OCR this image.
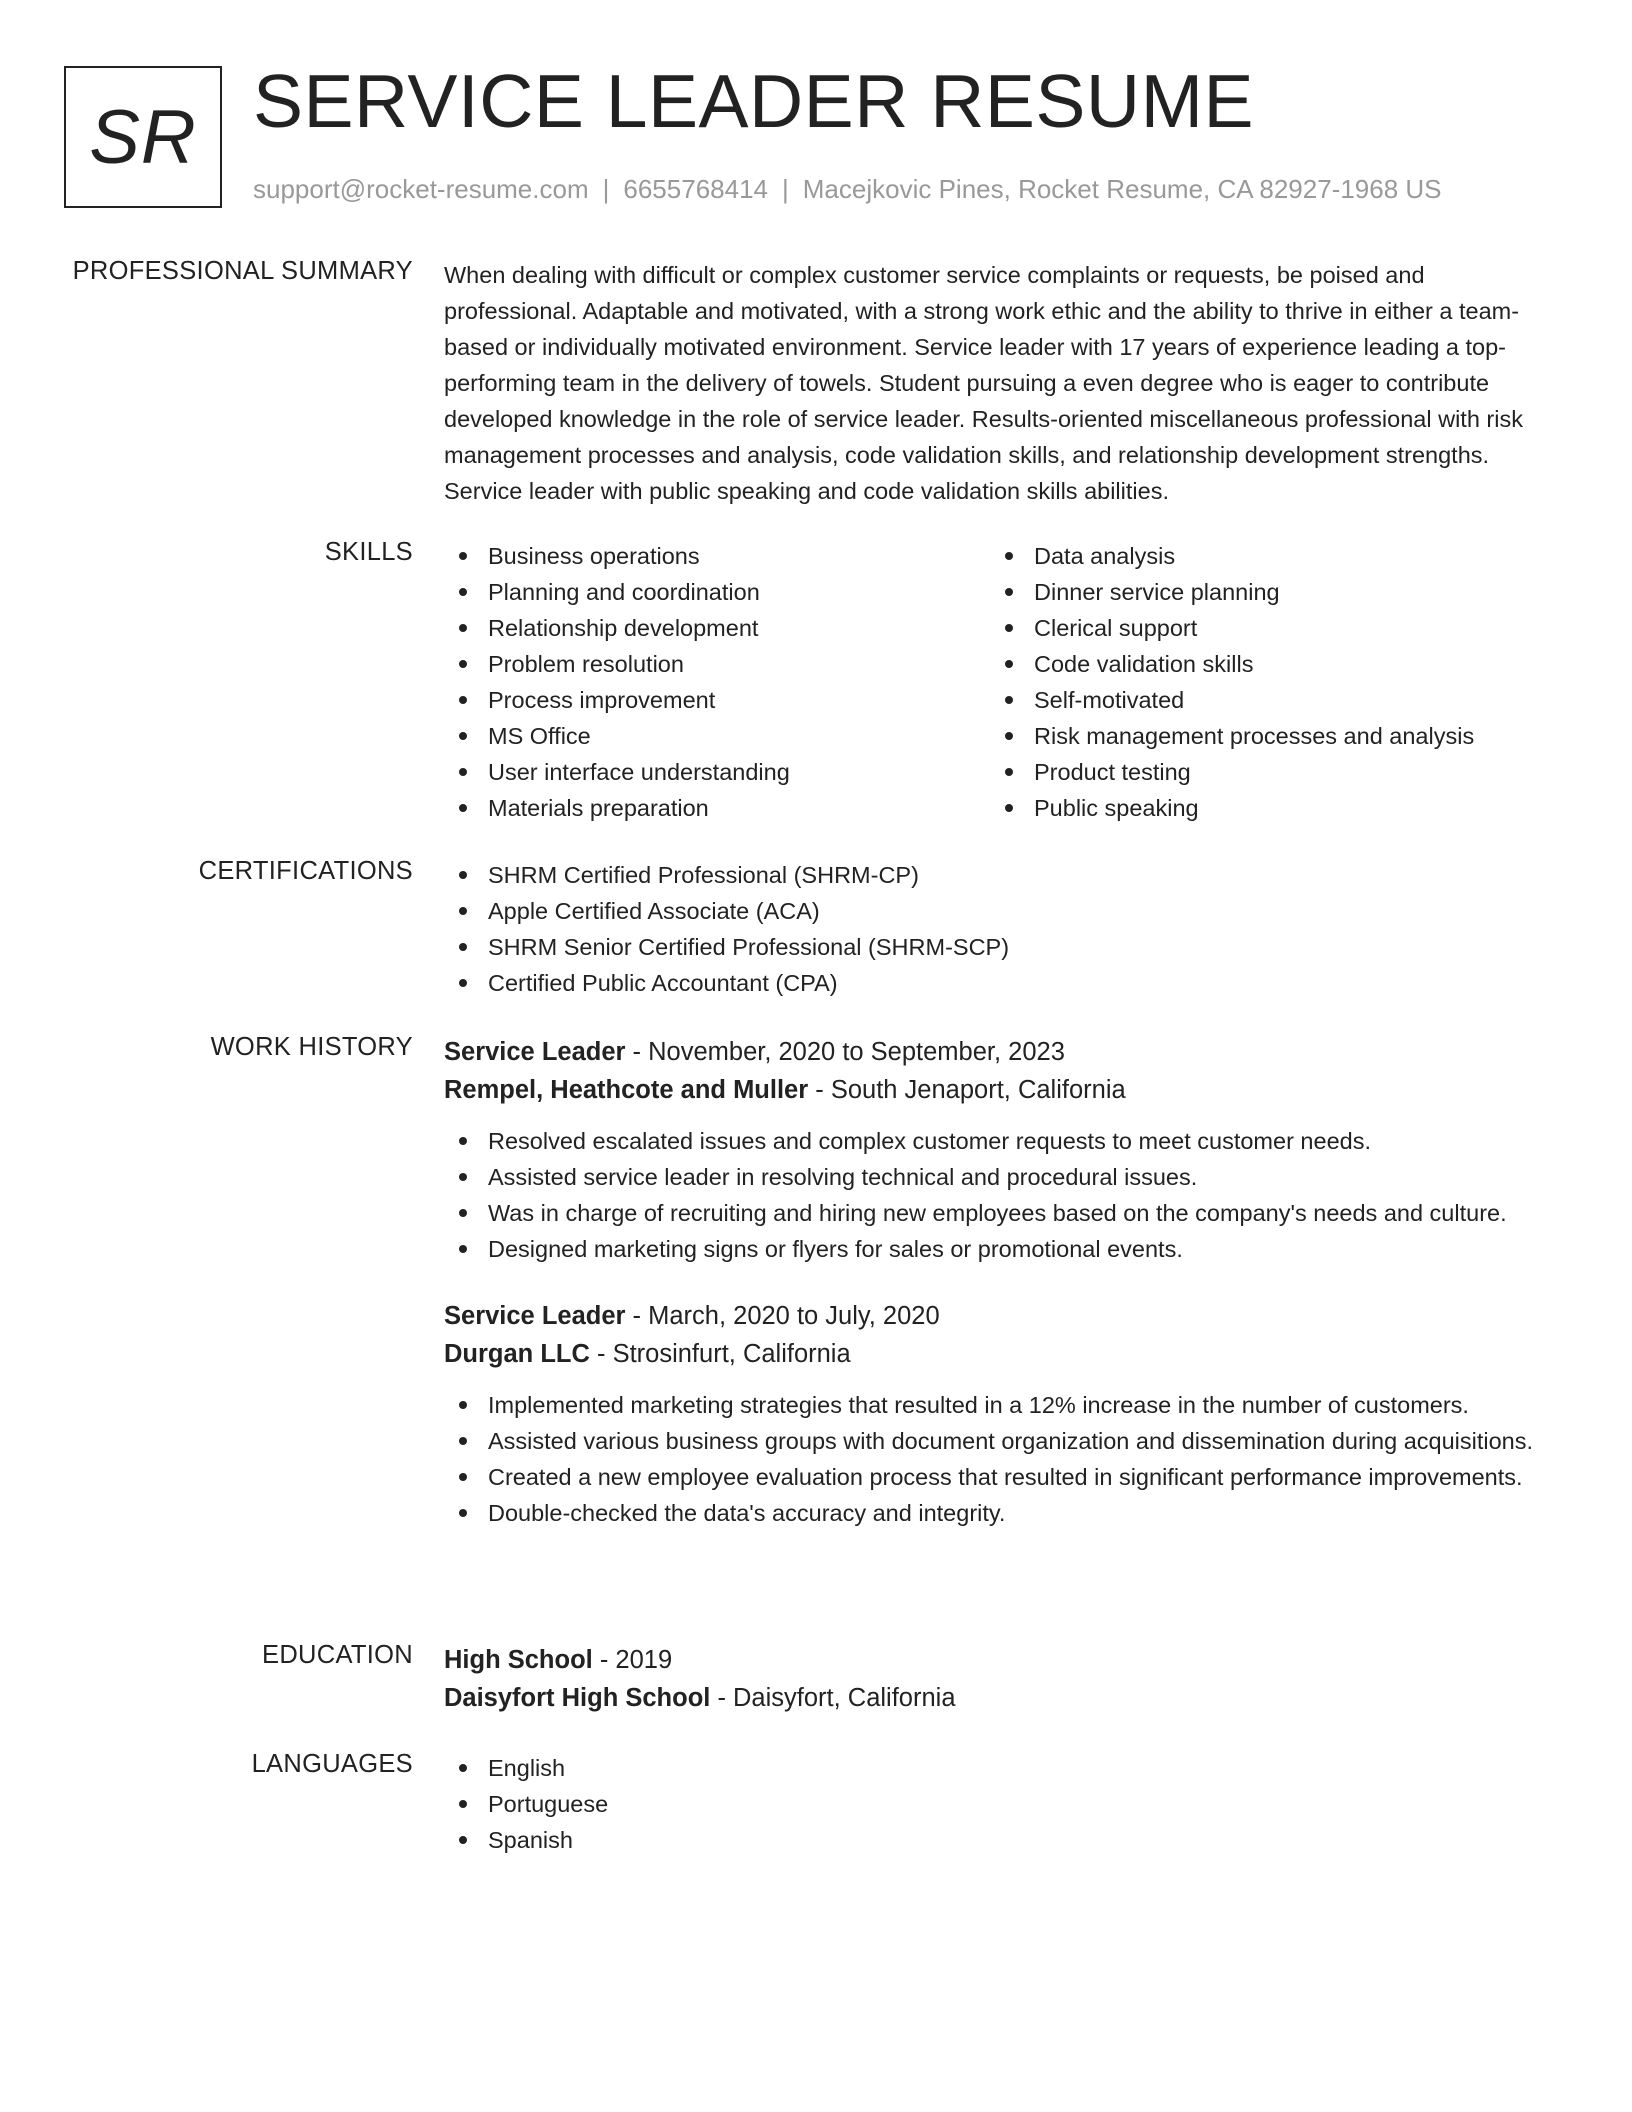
SR SERVICE LEADER RESUME
support@rocket-resume.com | 6655768414 | Macejkovic Pines, Rocket Resume, CA 82927-1968 US
PROFESSIONAL SUMMARY When dealing with difficult or complex customer service complaints or requests, be poised and professional. Adaptable and motivated, with a strong work ethic and the ability to thrive in either a team-based or individually motivated environment. Service leader with 17 years of experience leading a top-performing team in the delivery of towels. Student pursuing a even degree who is eager to contribute developed knowledge in the role of service leader. Results-oriented miscellaneous professional with risk management processes and analysis, code validation skills, and relationship development strengths. Service leader with public speaking and code validation skills abilities.
SKILLS	Business operations
Planning and coordination
Relationship development
Problem resolution
Process improvement
MS Office
User interface understanding
Materials preparation
Data analysis
Dinner service planning
Clerical support
Code validation skills
Self-motivated
Risk management processes and analysis
Product testing
Public speaking
CERTIFICATIONS	SHRM Certified Professional (SHRM-CP)
Apple Certified Associate (ACA)
SHRM Senior Certified Professional (SHRM-SCP)
Certified Public Accountant (CPA)
WORK HISTORY Service Leader - November, 2020 to September, 2023
Rempel, Heathcote and Muller - South Jenaport, California
Resolved escalated issues and complex customer requests to meet customer needs.
Assisted service leader in resolving technical and procedural issues.
Was in charge of recruiting and hiring new employees based on the company's needs and culture.
Designed marketing signs or flyers for sales or promotional events.
Service Leader - March, 2020 to July, 2020
Durgan LLC - Strosinfurt, California
Implemented marketing strategies that resulted in a 12% increase in the number of customers.
Assisted various business groups with document organization and dissemination during acquisitions.
Created a new employee evaluation process that resulted in significant performance improvements.
Double-checked the data's accuracy and integrity.
EDUCATION High School - 2019
Daisyfort High School - Daisyfort, California
LANGUAGES	English
Portuguese
Spanish
